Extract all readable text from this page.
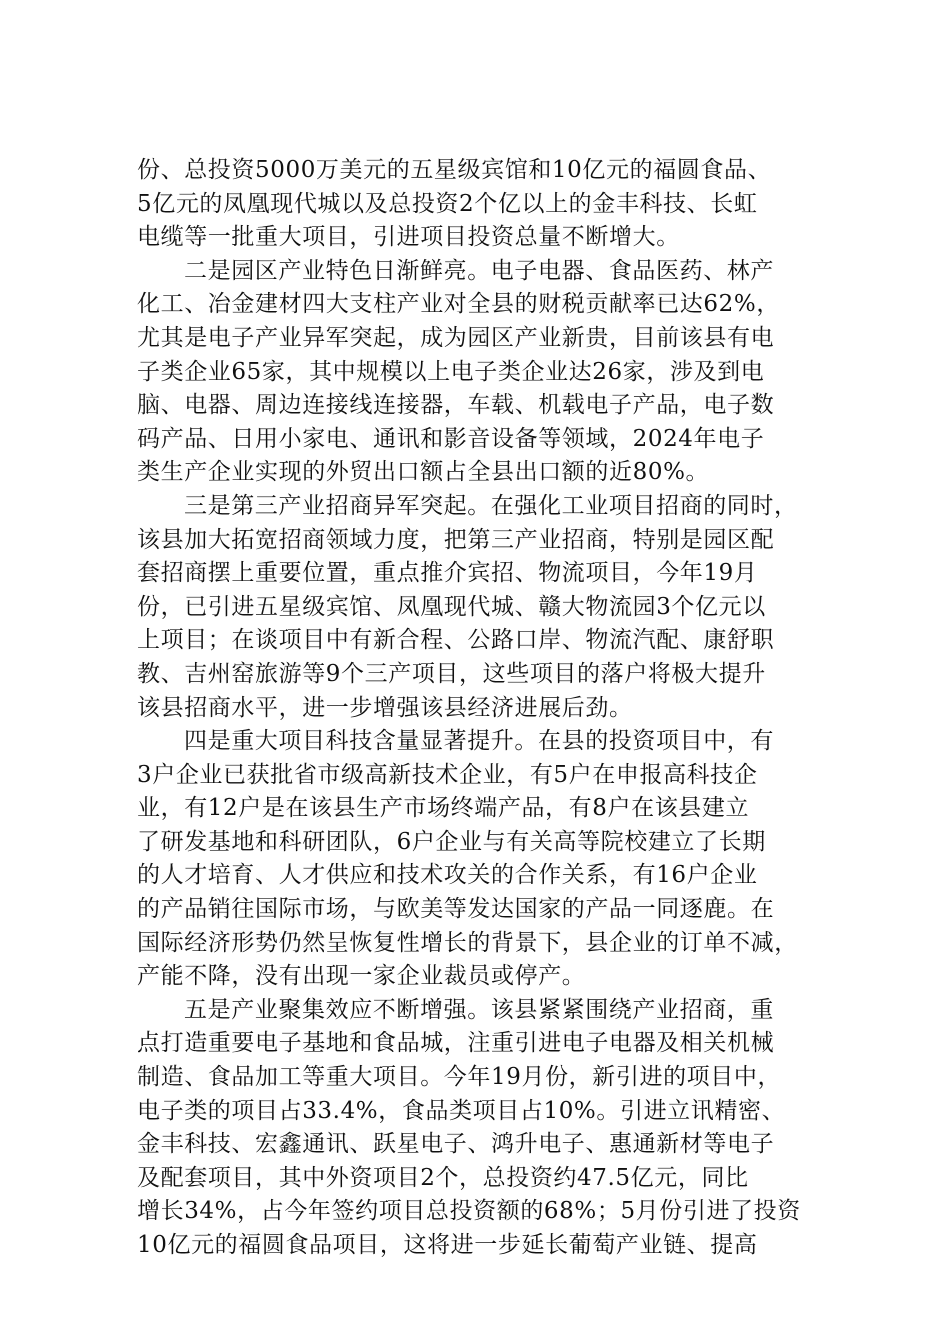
份、总投资5000万美元的五星级宾馆和10亿元的福圆食品、
5亿元的凤凰现代城以及总投资2个亿以上的金丰科技、长虹
电缆等一批重大项目，引进项目投资总量不断增大。
二是园区产业特色日渐鲜亮。电子电器、食品医药、林产
化工、冶金建材四大支柱产业对全县的财税贡献率已达62%，
尤其是电子产业异军突起，成为园区产业新贵，目前该县有电
子类企业65家，其中规模以上电子类企业达26家，涉及到电
脑、电器、周边连接线连接器，车载、机载电子产品，电子数
码产品、日用小家电、通讯和影音设备等领域，2024年电子
类生产企业实现的外贸出口额占全县出口额的近80%。
三是第三产业招商异军突起。在强化工业项目招商的同时，
该县加大拓宽招商领域力度，把第三产业招商，特别是园区配
套招商摆上重要位置，重点推介宾招、物流项目，今年19月
份，已引进五星级宾馆、凤凰现代城、赣大物流园3个亿元以
上项目；在谈项目中有新合程、公路口岸、物流汽配、康舒职
教、吉州窑旅游等9个三产项目，这些项目的落户将极大提升
该县招商水平，进一步增强该县经济进展后劲。
四是重大项目科技含量显著提升。在县的投资项目中，有
3户企业已获批省市级高新技术企业，有5户在申报高科技企
业，有12户是在该县生产市场终端产品，有8户在该县建立
了研发基地和科研团队，6户企业与有关高等院校建立了长期
的人才培育、人才供应和技术攻关的合作关系，有16户企业
的产品销往国际市场，与欧美等发达国家的产品一同逐鹿。在
国际经济形势仍然呈恢复性增长的背景下，县企业的订单不减，
产能不降，没有出现一家企业裁员或停产。
五是产业聚集效应不断增强。该县紧紧围绕产业招商，重
点打造重要电子基地和食品城，注重引进电子电器及相关机械
制造、食品加工等重大项目。今年19月份，新引进的项目中，
电子类的项目占33.4%，食品类项目占10%。引进立讯精密、
金丰科技、宏鑫通讯、跃星电子、鸿升电子、惠通新材等电子
及配套项目，其中外资项目2个，总投资约47.5亿元，同比
增长34%，占今年签约项目总投资额的68%；5月份引进了投资
10亿元的福圆食品项目，这将进一步延长葡萄产业链、提高
